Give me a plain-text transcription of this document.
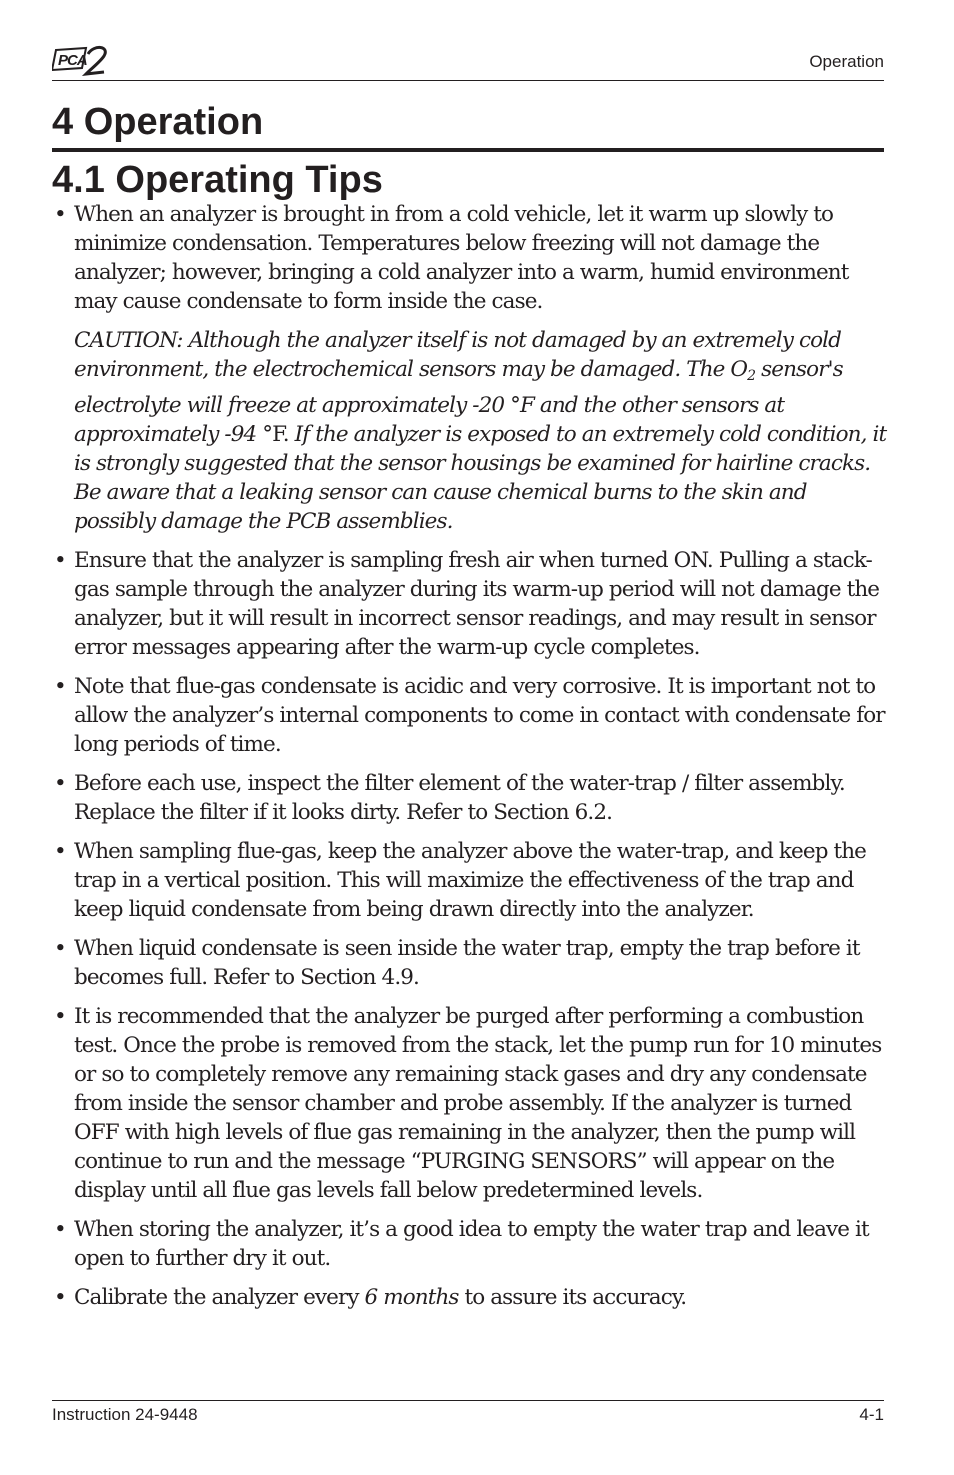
PCA	Operation
4 Operation
4.1 Operating Tips
• When an analyzer is brought in from a cold vehicle, let it warm up slowly to minimize condensation. Temperatures below freezing will not damage the analyzer; however, bringing a cold analyzer into a warm, humid environment may cause condensate to form inside the case.

CAUTION: Although the analyzer itself is not damaged by an extremely cold environment, the electrochemical sensors may be damaged. The $O_2$ sensor's electrolyte will freeze at approximately -20 °F and the other sensors at approximately -94 °F. If the analyzer is exposed to an extremely cold condition, it is strongly suggested that the sensor housings be examined for hairline cracks. Be aware that a leaking sensor can cause chemical burns to the skin and possibly damage the PCB assemblies.

• Ensure that the analyzer is sampling fresh air when turned ON. Pulling a stack-gas sample through the analyzer during its warm-up period will not damage the analyzer, but it will result in incorrect sensor readings, and may result in sensor error messages appearing after the warm-up cycle completes.

• Note that flue-gas condensate is acidic and very corrosive. It is important not to allow the analyzer’s internal components to come in contact with condensate for long periods of time.

• Before each use, inspect the filter element of the water-trap / filter assembly. Replace the filter if it looks dirty. Refer to Section 6.2.

• When sampling flue-gas, keep the analyzer above the water-trap, and keep the trap in a vertical position. This will maximize the effectiveness of the trap and keep liquid condensate from being drawn directly into the analyzer.

• When liquid condensate is seen inside the water trap, empty the trap before it becomes full. Refer to Section 4.9.

• It is recommended that the analyzer be purged after performing a combustion test. Once the probe is removed from the stack, let the pump run for 10 minutes or so to completely remove any remaining stack gases and dry any condensate from inside the sensor chamber and probe assembly. If the analyzer is turned OFF with high levels of flue gas remaining in the analyzer, then the pump will continue to run and the message “PURGING SENSORS” will appear on the display until all flue gas levels fall below predetermined levels.

• When storing the analyzer, it’s a good idea to empty the water trap and leave it open to further dry it out.

• Calibrate the analyzer every 6 months to assure its accuracy.

Instruction 24-9448	4-1
